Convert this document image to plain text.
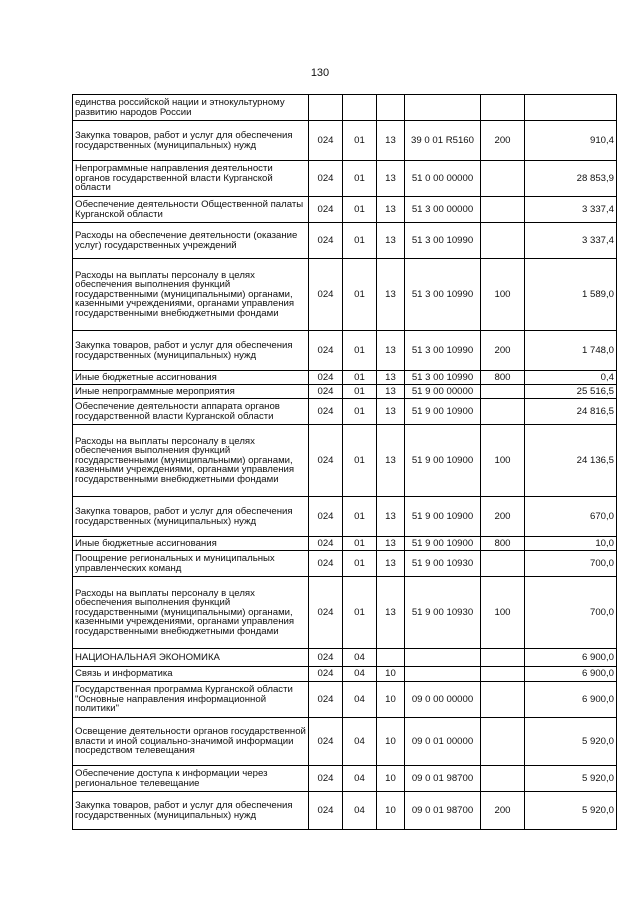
130
единства российской нации и этнокультурному развитию народов России						
Закупка товаров, работ и услуг для обеспечения государственных (муниципальных) нужд	024	01	13	39 0 01 R5160	200	910,4
Непрограммные направления деятельности органов государственной власти Курганской области	024	01	13	51 0 00 00000		28 853,9
Обеспечение деятельности Общественной палаты Курганской области	024	01	13	51 3 00 00000		3 337,4
Расходы на обеспечение деятельности (оказание услуг) государственных учреждений	024	01	13	51 3 00 10990		3 337,4
Расходы на выплаты персоналу в целях обеспечения выполнения функций государственными (муниципальными) органами, казенными учреждениями, органами управления государственными внебюджетными фондами	024	01	13	51 3 00 10990	100	1 589,0
Закупка товаров, работ и услуг для обеспечения государственных (муниципальных) нужд	024	01	13	51 3 00 10990	200	1 748,0
Иные бюджетные ассигнования	024	01	13	51 3 00 10990	800	0,4
Иные непрограммные мероприятия	024	01	13	51 9 00 00000		25 516,5
Обеспечение деятельности аппарата органов государственной власти Курганской области	024	01	13	51 9 00 10900		24 816,5
Расходы на выплаты персоналу в целях обеспечения выполнения функций государственными (муниципальными) органами, казенными учреждениями, органами управления государственными внебюджетными фондами	024	01	13	51 9 00 10900	100	24 136,5
Закупка товаров, работ и услуг для обеспечения государственных (муниципальных) нужд	024	01	13	51 9 00 10900	200	670,0
Иные бюджетные ассигнования	024	01	13	51 9 00 10900	800	10,0
Поощрение региональных и муниципальных управленческих команд	024	01	13	51 9 00 10930		700,0
Расходы на выплаты персоналу в целях обеспечения выполнения функций государственными (муниципальными) органами, казенными учреждениями, органами управления государственными внебюджетными фондами	024	01	13	51 9 00 10930	100	700,0
НАЦИОНАЛЬНАЯ ЭКОНОМИКА	024	04				6 900,0
Связь и информатика	024	04	10			6 900,0
Государственная программа Курганской области "Основные направления информационной политики"	024	04	10	09 0 00 00000		6 900,0
Освещение деятельности органов государственной власти и иной социально-значимой информации посредством телевещания	024	04	10	09 0 01 00000		5 920,0
Обеспечение доступа к информации через региональное телевещание	024	04	10	09 0 01 98700		5 920,0
Закупка товаров, работ и услуг для обеспечения государственных (муниципальных) нужд	024	04	10	09 0 01 98700	200	5 920,0
